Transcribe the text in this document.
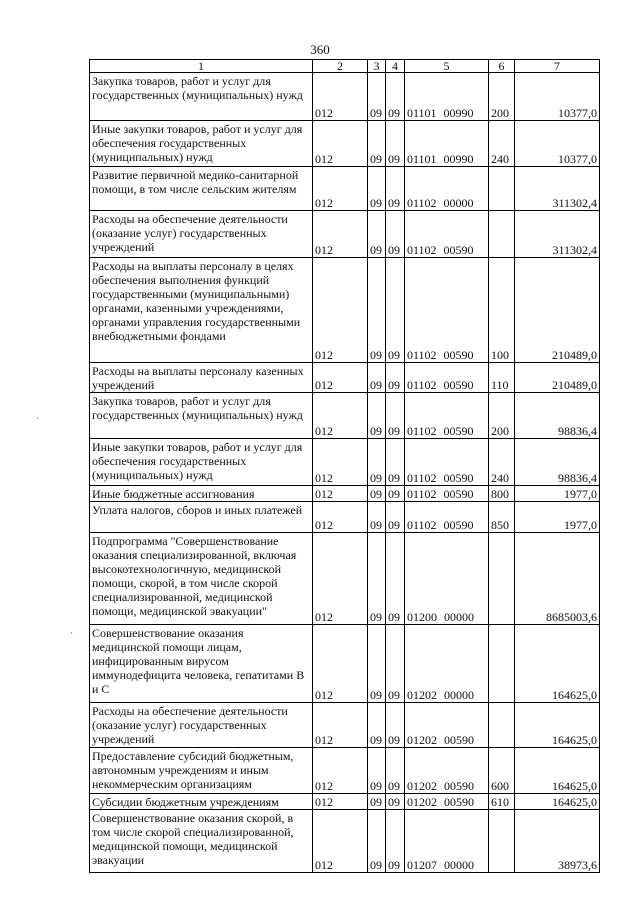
360
1	2	3	4	5	6	7
Закупка товаров, работ и услуг для государственных (муниципальных) нужд	012	09	09	01101 00990	200	10377,0
Иные закупки товаров, работ и услуг для обеспечения государственных (муниципальных) нужд	012	09	09	01101 00990	240	10377,0
Развитие первичной медико-санитарной помощи, в том числе сельским жителям	012	09	09	01102 00000		311302,4
Расходы на обеспечение деятельности (оказание услуг) государственных учреждений	012	09	09	01102 00590		311302,4
Расходы на выплаты персоналу в целях обеспечения выполнения функций государственными (муниципальными) органами, казенными учреждениями, органами управления государственными внебюджетными фондами	012	09	09	01102 00590	100	210489,0
Расходы на выплаты персоналу казенных учреждений	012	09	09	01102 00590	110	210489,0
Закупка товаров, работ и услуг для государственных (муниципальных) нужд	012	09	09	01102 00590	200	98836,4
Иные закупки товаров, работ и услуг для обеспечения государственных (муниципальных) нужд	012	09	09	01102 00590	240	98836,4
Иные бюджетные ассигнования	012	09	09	01102 00590	800	1977,0
Уплата налогов, сборов и иных платежей	012	09	09	01102 00590	850	1977,0
Подпрограмма "Совершенствование оказания специализированной, включая высокотехнологичную, медицинской помощи, скорой, в том числе скорой специализированной, медицинской помощи, медицинской эвакуации"	012	09	09	01200 00000		8685003,6
Совершенствование оказания медицинской помощи лицам, инфицированным вирусом иммунодефицита человека, гепатитами В и С	012	09	09	01202 00000		164625,0
Расходы на обеспечение деятельности (оказание услуг) государственных учреждений	012	09	09	01202 00590		164625,0
Предоставление субсидий бюджетным, автономным учреждениям и иным некоммерческим организациям	012	09	09	01202 00590	600	164625,0
Субсидии бюджетным учреждениям	012	09	09	01202 00590	610	164625,0
Совершенствование оказания скорой, в том числе скорой специализированной, медицинской помощи, медицинской эвакуации	012	09	09	01207 00000		38973,6
·
·
